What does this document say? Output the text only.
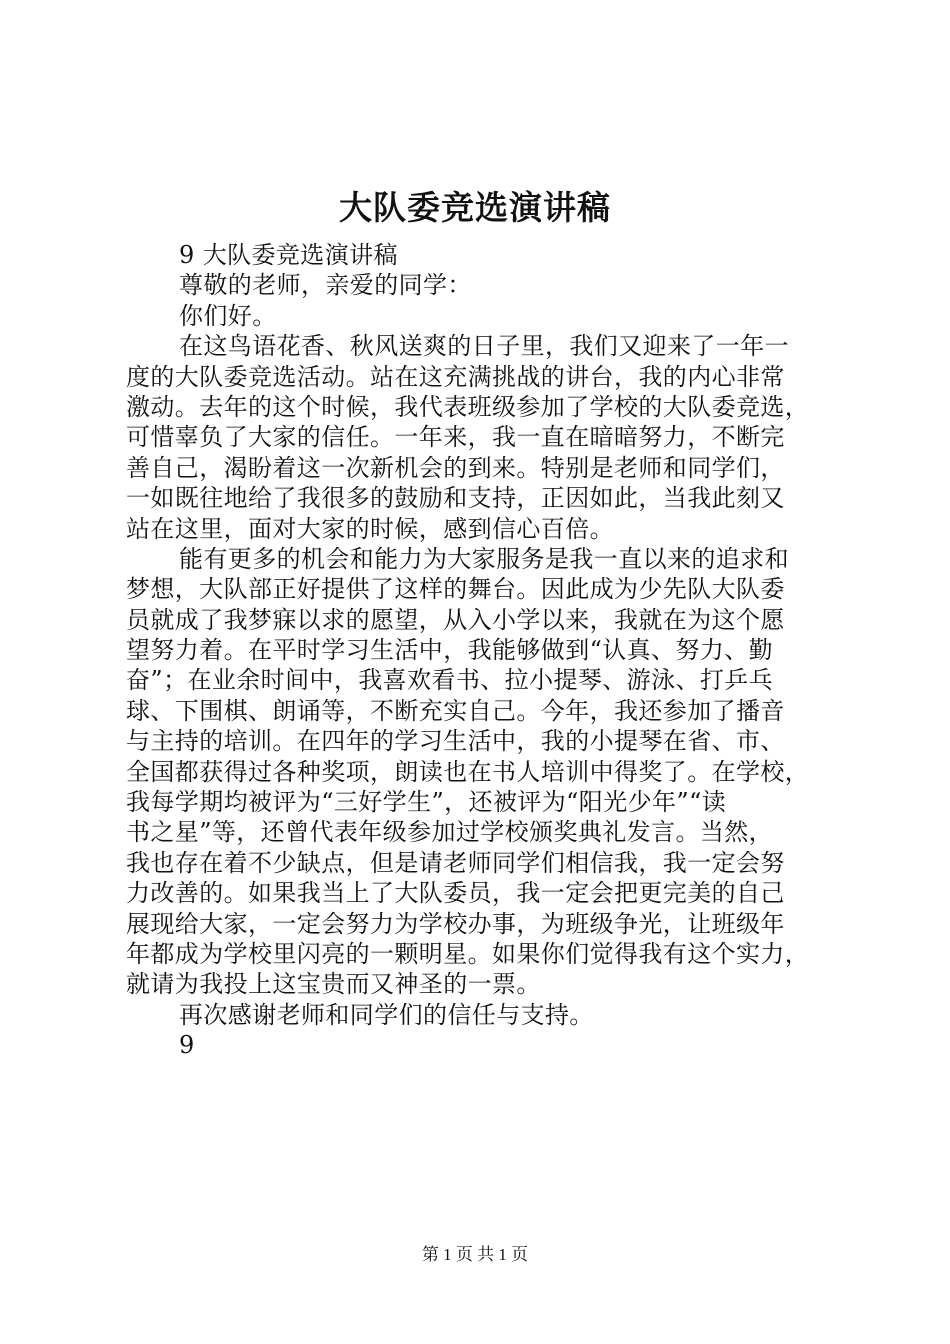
大队委竞选演讲稿
9 大队委竞选演讲稿
尊敬的老师，亲爱的同学：
你们好。
在这鸟语花香、秋风送爽的日子里，我们又迎来了一年一
度的大队委竞选活动。站在这充满挑战的讲台，我的内心非常
激动。去年的这个时候，我代表班级参加了学校的大队委竞选，
可惜辜负了大家的信任。一年来，我一直在暗暗努力，不断完
善自己，渴盼着这一次新机会的到来。特别是老师和同学们，
一如既往地给了我很多的鼓励和支持，正因如此，当我此刻又
站在这里，面对大家的时候，感到信心百倍。
能有更多的机会和能力为大家服务是我一直以来的追求和
梦想，大队部正好提供了这样的舞台。因此成为少先队大队委
员就成了我梦寐以求的愿望，从入小学以来，我就在为这个愿
望努力着。在平时学习生活中，我能够做到“认真、努力、勤
奋”；在业余时间中，我喜欢看书、拉小提琴、游泳、打乒乓
球、下围棋、朗诵等，不断充实自己。今年，我还参加了播音
与主持的培训。在四年的学习生活中，我的小提琴在省、市、
全国都获得过各种奖项，朗读也在书人培训中得奖了。在学校，
我每学期均被评为“三好学生”，还被评为“阳光少年”“读
书之星”等，还曾代表年级参加过学校颁奖典礼发言。当然，
我也存在着不少缺点，但是请老师同学们相信我，我一定会努
力改善的。如果我当上了大队委员，我一定会把更完美的自己
展现给大家，一定会努力为学校办事，为班级争光，让班级年
年都成为学校里闪亮的一颗明星。如果你们觉得我有这个实力，
就请为我投上这宝贵而又神圣的一票。
再次感谢老师和同学们的信任与支持。
9
第 1 页 共 1 页
